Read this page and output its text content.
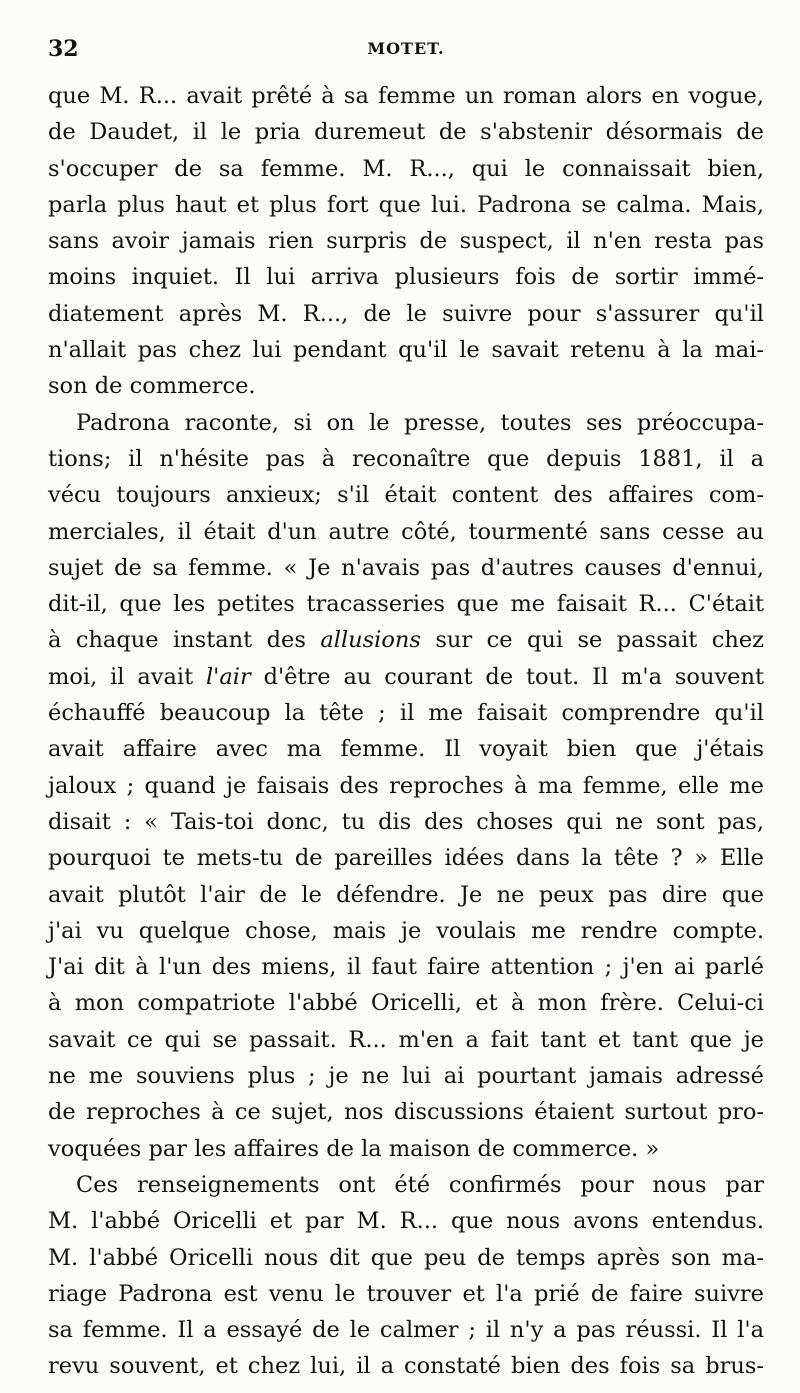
32	MOTET.
que M. R... avait prêté à sa femme un roman alors en vogue,
de Daudet, il le pria duremeut de s'abstenir désormais de
s'occuper de sa femme. M. R..., qui le connaissait bien,
parla plus haut et plus fort que lui. Padrona se calma. Mais,
sans avoir jamais rien surpris de suspect, il n'en resta pas
moins inquiet. Il lui arriva plusieurs fois de sortir immé-
diatement après M. R..., de le suivre pour s'assurer qu'il
n'allait pas chez lui pendant qu'il le savait retenu à la mai-
son de commerce.
Padrona raconte, si on le presse, toutes ses préoccupa-
tions; il n'hésite pas à reconaître que depuis 1881, il a
vécu toujours anxieux; s'il était content des affaires com-
merciales, il était d'un autre côté, tourmenté sans cesse au
sujet de sa femme. « Je n'avais pas d'autres causes d'ennui,
dit-il, que les petites tracasseries que me faisait R... C'était
à chaque instant des allusions sur ce qui se passait chez
moi, il avait l'air d'être au courant de tout. Il m'a souvent
échauffé beaucoup la tête ; il me faisait comprendre qu'il
avait affaire avec ma femme. Il voyait bien que j'étais
jaloux ; quand je faisais des reproches à ma femme, elle me
disait : « Tais-toi donc, tu dis des choses qui ne sont pas,
pourquoi te mets-tu de pareilles idées dans la tête ? » Elle
avait plutôt l'air de le défendre. Je ne peux pas dire que
j'ai vu quelque chose, mais je voulais me rendre compte.
J'ai dit à l'un des miens, il faut faire attention ; j'en ai parlé
à mon compatriote l'abbé Oricelli, et à mon frère. Celui-ci
savait ce qui se passait. R... m'en a fait tant et tant que je
ne me souviens plus ; je ne lui ai pourtant jamais adressé
de reproches à ce sujet, nos discussions étaient surtout pro-
voquées par les affaires de la maison de commerce. »
Ces renseignements ont été confirmés pour nous par
M. l'abbé Oricelli et par M. R... que nous avons entendus.
M. l'abbé Oricelli nous dit que peu de temps après son ma-
riage Padrona est venu le trouver et l'a prié de faire suivre
sa femme. Il a essayé de le calmer ; il n'y a pas réussi. Il l'a
revu souvent, et chez lui, il a constaté bien des fois sa brus-
